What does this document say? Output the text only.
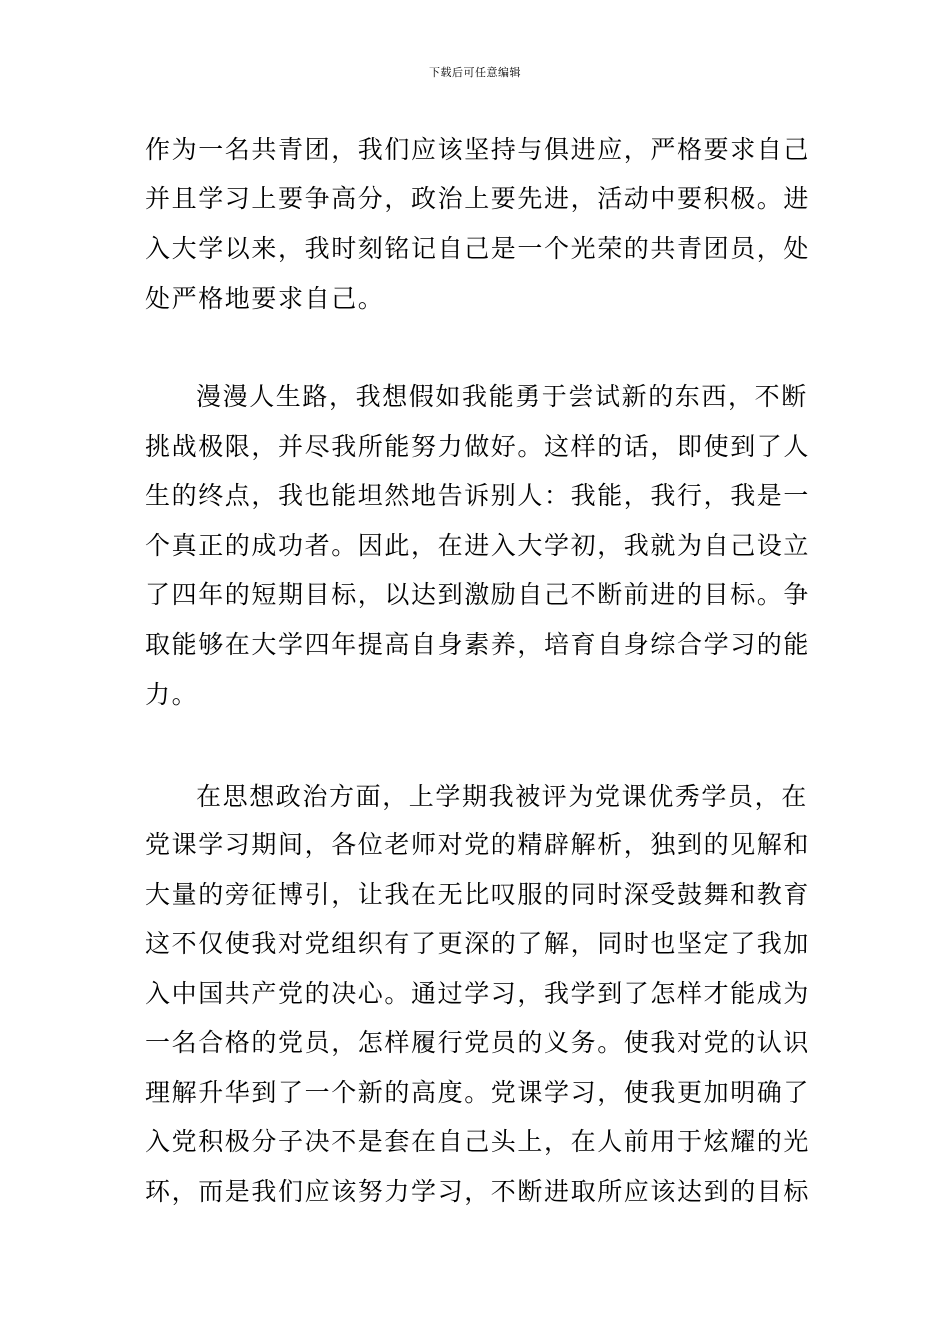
下载后可任意编辑
作为一名共青团，我们应该坚持与俱进应，严格要求自己
并且学习上要争高分，政治上要先进，活动中要积极。进
入大学以来，我时刻铭记自己是一个光荣的共青团员，处
处严格地要求自己。
漫漫人生路，我想假如我能勇于尝试新的东西，不断
挑战极限，并尽我所能努力做好。这样的话，即使到了人
生的终点，我也能坦然地告诉别人：我能，我行，我是一
个真正的成功者。因此，在进入大学初，我就为自己设立
了四年的短期目标，以达到激励自己不断前进的目标。争
取能够在大学四年提高自身素养，培育自身综合学习的能
力。
在思想政治方面，上学期我被评为党课优秀学员，在
党课学习期间，各位老师对党的精辟解析，独到的见解和
大量的旁征博引，让我在无比叹服的同时深受鼓舞和教育
这不仅使我对党组织有了更深的了解，同时也坚定了我加
入中国共产党的决心。通过学习，我学到了怎样才能成为
一名合格的党员，怎样履行党员的义务。使我对党的认识
理解升华到了一个新的高度。党课学习，使我更加明确了
入党积极分子决不是套在自己头上，在人前用于炫耀的光
环，而是我们应该努力学习，不断进取所应该达到的目标
